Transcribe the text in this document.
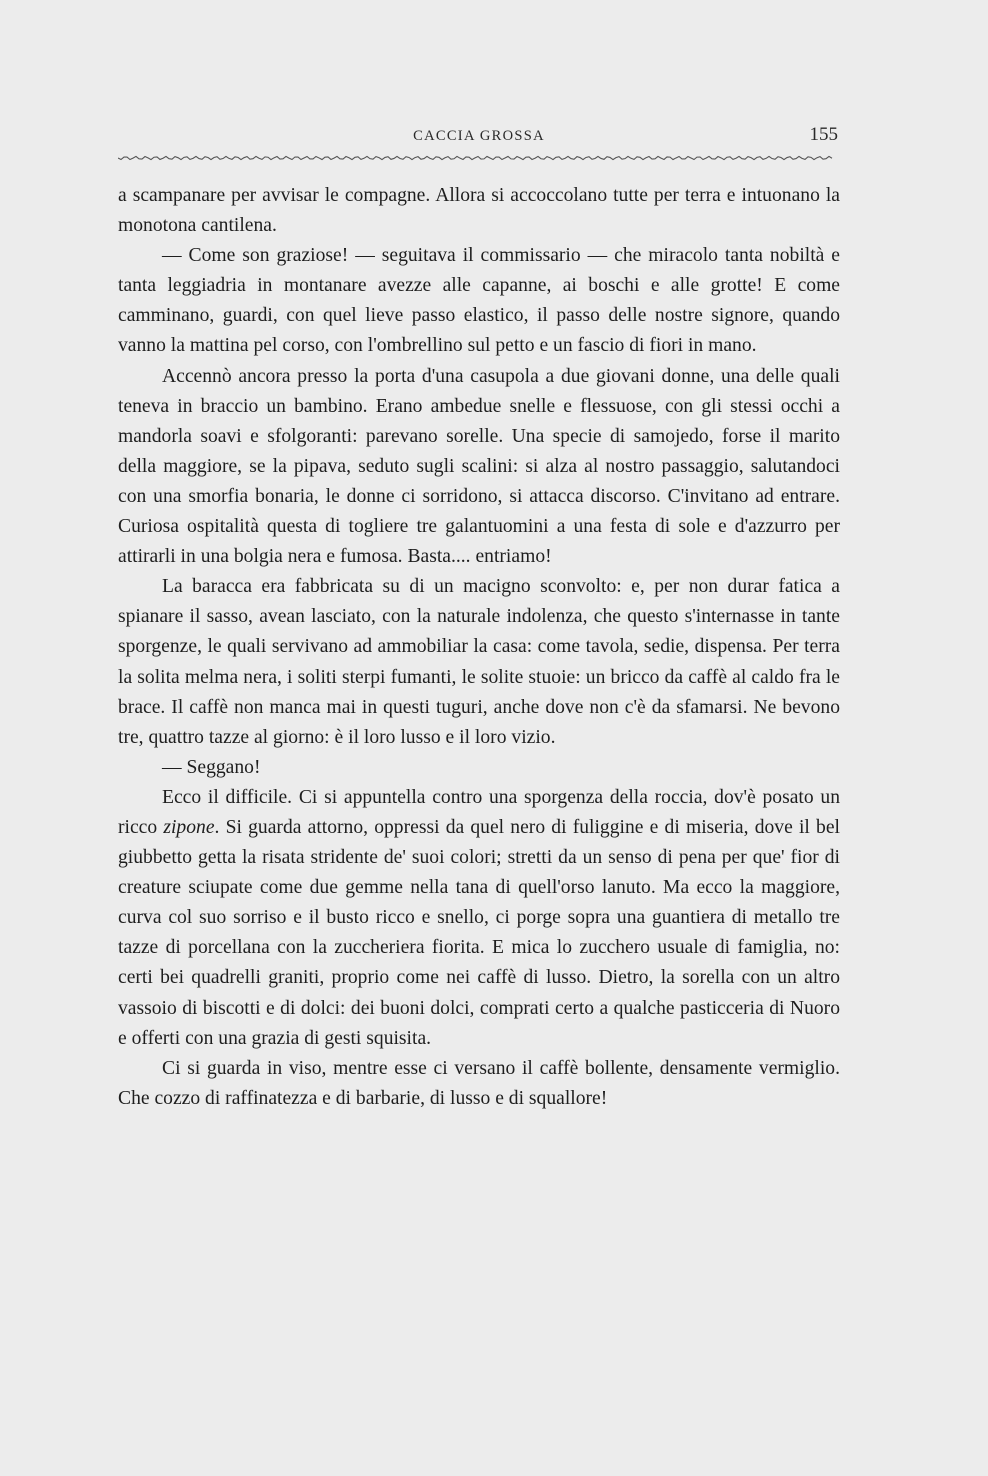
CACCIA GROSSA	155

a scampanare per avvisar le compagne. Allora si accoccolano tutte per terra e intuonano la monotona cantilena.

— Come son graziose! — seguitava il commissario — che miracolo tanta nobiltà e tanta leggiadria in montanare avezze alle capanne, ai boschi e alle grotte! E come camminano, guardi, con quel lieve passo elastico, il passo delle nostre signore, quando vanno la mattina pel corso, con l'ombrellino sul petto e un fascio di fiori in mano.

Accennò ancora presso la porta d'una casupola a due giovani donne, una delle quali teneva in braccio un bambino. Erano ambedue snelle e flessuose, con gli stessi occhi a mandorla soavi e sfolgoranti: parevano sorelle. Una specie di samojedo, forse il marito della maggiore, se la pipava, seduto sugli scalini: si alza al nostro passaggio, salutandoci con una smorfia bonaria, le donne ci sorridono, si attacca discorso. C'invitano ad entrare. Curiosa ospitalità questa di togliere tre galantuomini a una festa di sole e d'azzurro per attirarli in una bolgia nera e fumosa. Basta.... entriamo!

La baracca era fabbricata su di un macigno sconvolto: e, per non durar fatica a spianare il sasso, avean lasciato, con la naturale indolenza, che questo s'internasse in tante sporgenze, le quali servivano ad ammobiliar la casa: come tavola, sedie, dispensa. Per terra la solita melma nera, i soliti sterpi fumanti, le solite stuoie: un bricco da caffè al caldo fra le brace. Il caffè non manca mai in questi tuguri, anche dove non c'è da sfamarsi. Ne bevono tre, quattro tazze al giorno: è il loro lusso e il loro vizio.

— Seggano!

Ecco il difficile. Ci si appuntella contro una sporgenza della roccia, dov'è posato un ricco zipone. Si guarda attorno, oppressi da quel nero di fuliggine e di miseria, dove il bel giubbetto getta la risata stridente de' suoi colori; stretti da un senso di pena per que' fior di creature sciupate come due gemme nella tana di quell'orso lanuto. Ma ecco la maggiore, curva col suo sorriso e il busto ricco e snello, ci porge sopra una guantiera di metallo tre tazze di porcellana con la zuccheriera fiorita. E mica lo zucchero usuale di famiglia, no: certi bei quadrelli graniti, proprio come nei caffè di lusso. Dietro, la sorella con un altro vassoio di biscotti e di dolci: dei buoni dolci, comprati certo a qualche pasticceria di Nuoro e offerti con una grazia di gesti squisita.

Ci si guarda in viso, mentre esse ci versano il caffè bollente, densamente vermiglio. Che cozzo di raffinatezza e di barbarie, di lusso e di squallore!
